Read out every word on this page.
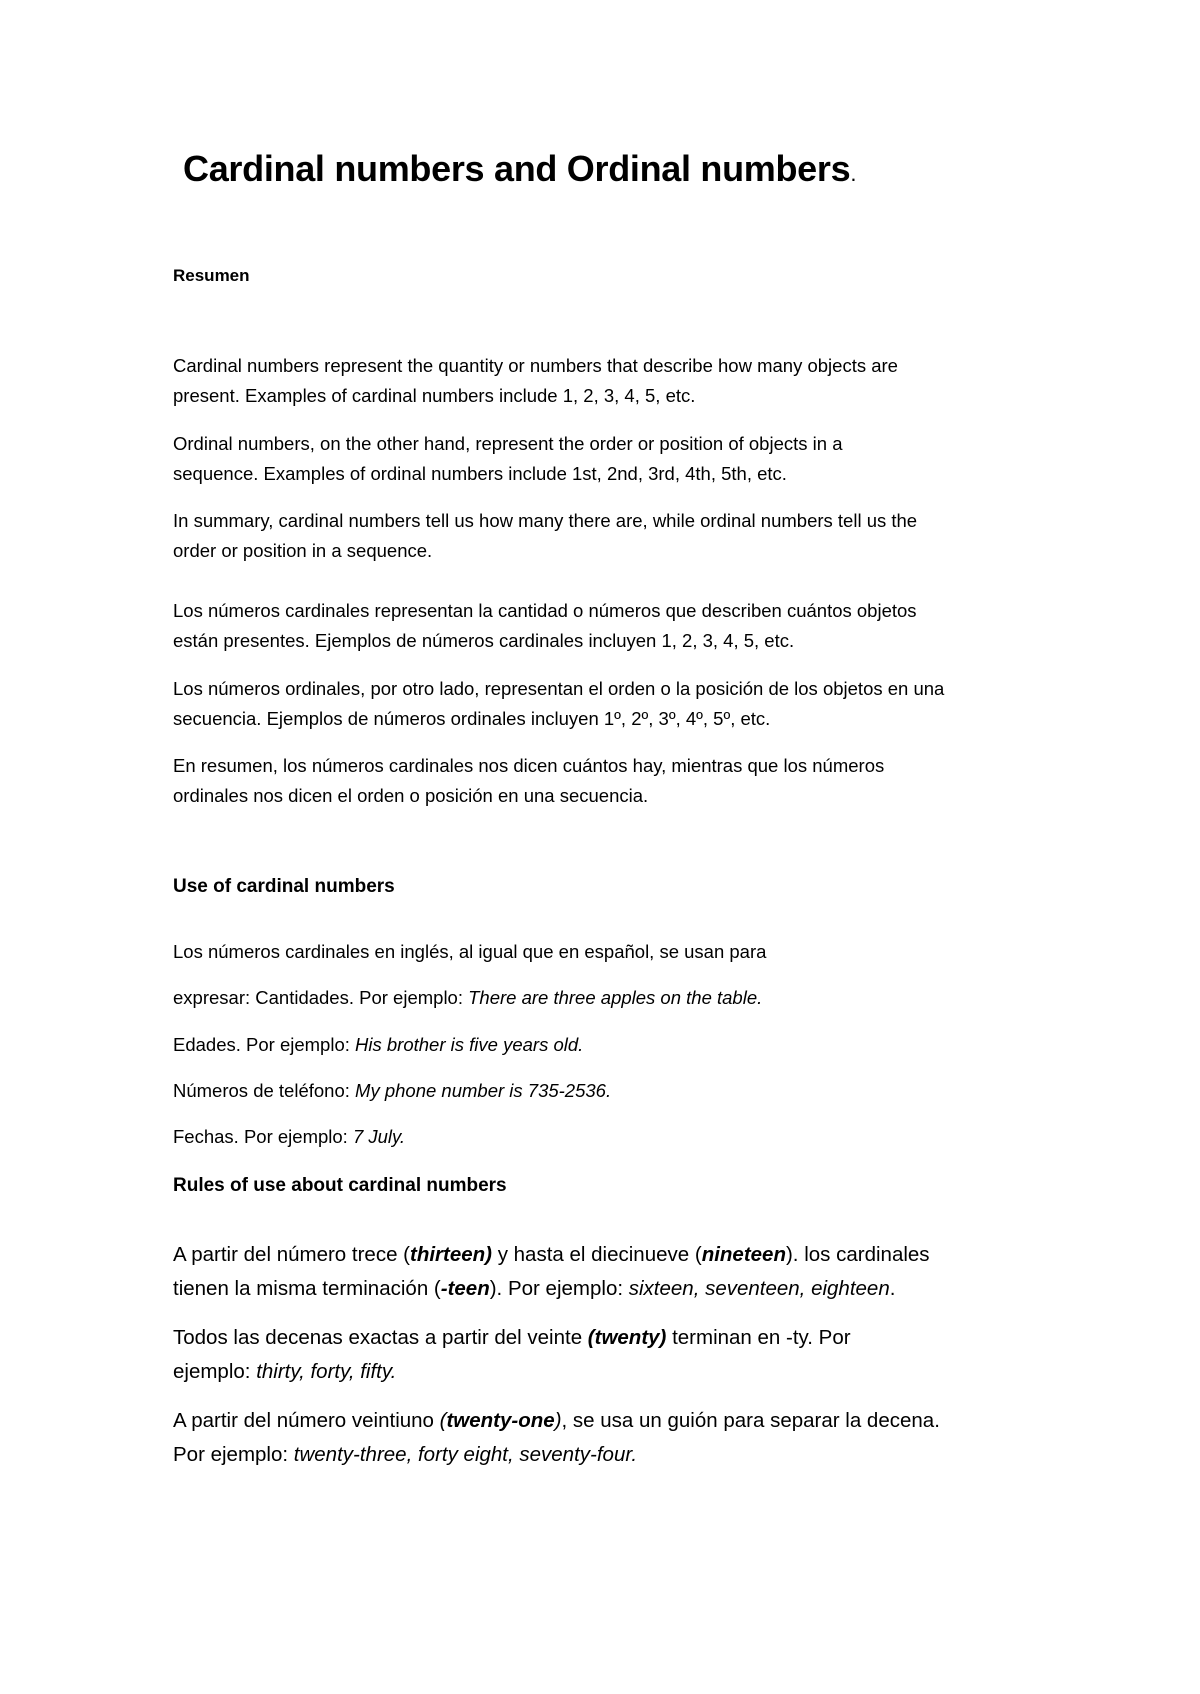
Cardinal numbers and Ordinal numbers.

Resumen

Cardinal numbers represent the quantity or numbers that describe how many objects are

present. Examples of cardinal numbers include 1, 2, 3, 4, 5, etc.

Ordinal numbers, on the other hand, represent the order or position of objects in a

sequence. Examples of ordinal numbers include 1st, 2nd, 3rd, 4th, 5th, etc.

In summary, cardinal numbers tell us how many there are, while ordinal numbers tell us the

order or position in a sequence.

Los números cardinales representan la cantidad o números que describen cuántos objetos

están presentes. Ejemplos de números cardinales incluyen 1, 2, 3, 4, 5, etc.

Los números ordinales, por otro lado, representan el orden o la posición de los objetos en una

secuencia. Ejemplos de números ordinales incluyen 1º, 2º, 3º, 4º, 5º, etc.

En resumen, los números cardinales nos dicen cuántos hay, mientras que los números

ordinales nos dicen el orden o posición en una secuencia.

Use of cardinal numbers

Los números cardinales en inglés, al igual que en español, se usan para

expresar: Cantidades. Por ejemplo: There are three apples on the table.

Edades. Por ejemplo: His brother is five years old.

Números de teléfono: My phone number is 735-2536.

Fechas. Por ejemplo: 7 July.

Rules of use about cardinal numbers

A partir del número trece (thirteen) y hasta el diecinueve (nineteen). los cardinales

tienen la misma terminación (-teen). Por ejemplo: sixteen, seventeen, eighteen.

Todos las decenas exactas a partir del veinte (twenty) terminan en -ty. Por

ejemplo: thirty, forty, fifty.

A partir del número veintiuno (twenty-one), se usa un guión para separar la decena.

Por ejemplo: twenty-three, forty eight, seventy-four.
